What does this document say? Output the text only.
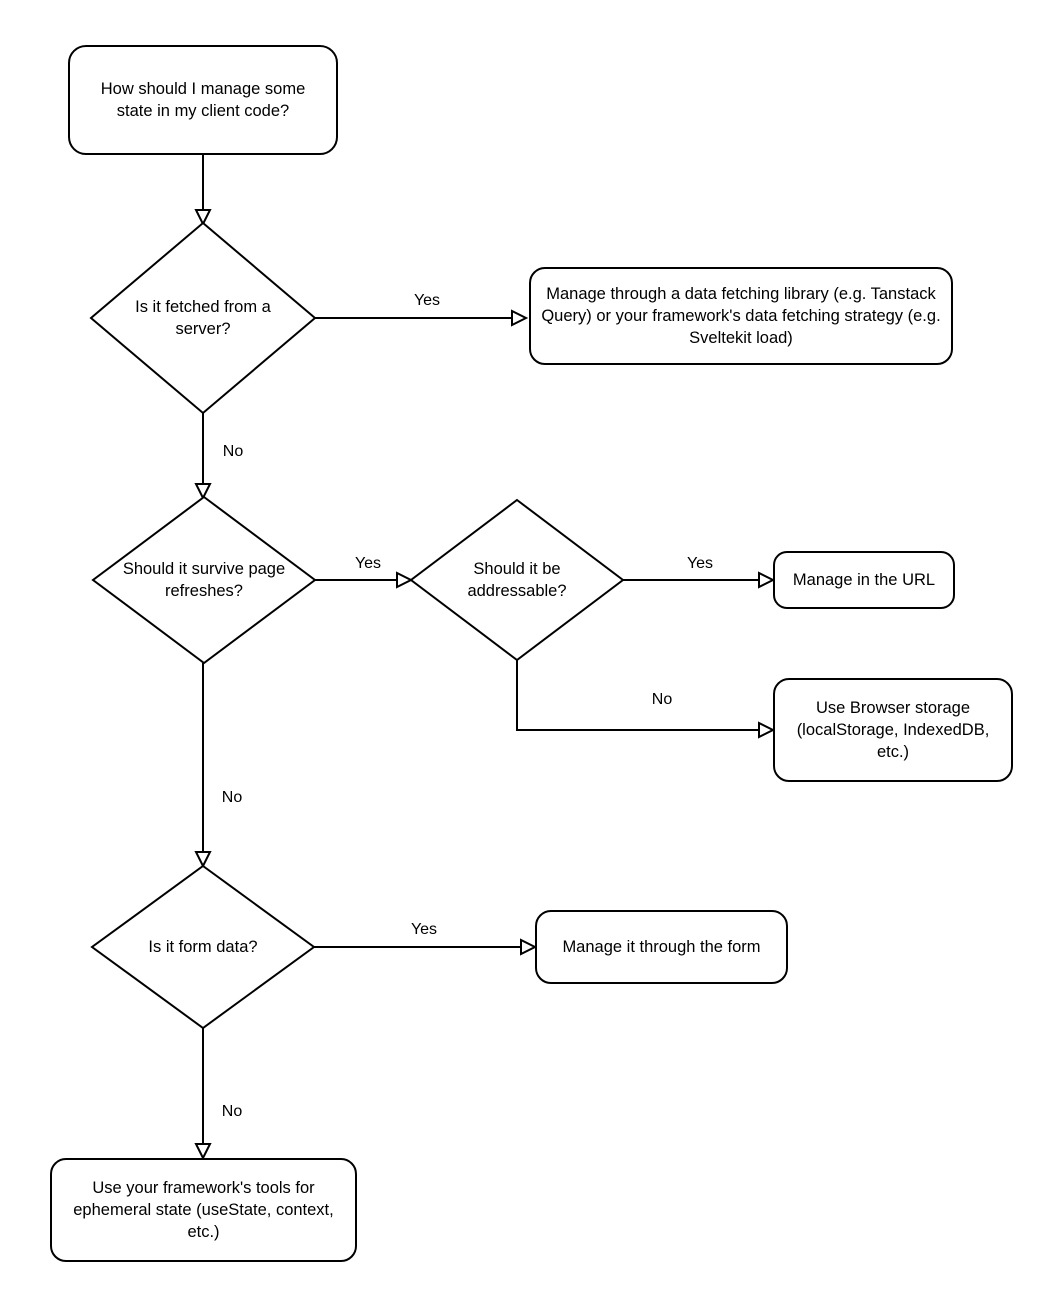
How should I manage some state in my client code?
Manage through a data fetching library (e.g. Tanstack Query) or your framework's data fetching strategy (e.g. Sveltekit load)
Manage in the URL
Use Browser storage (localStorage, IndexedDB, etc.)
Manage it through the form
Use your framework's tools for ephemeral state (useState, context, etc.)
Is it fetched from a server?
Should it survive page refreshes?
Should it be addressable?
Is it form data?
Yes
No
Yes	Yes
No
No
Yes
No
